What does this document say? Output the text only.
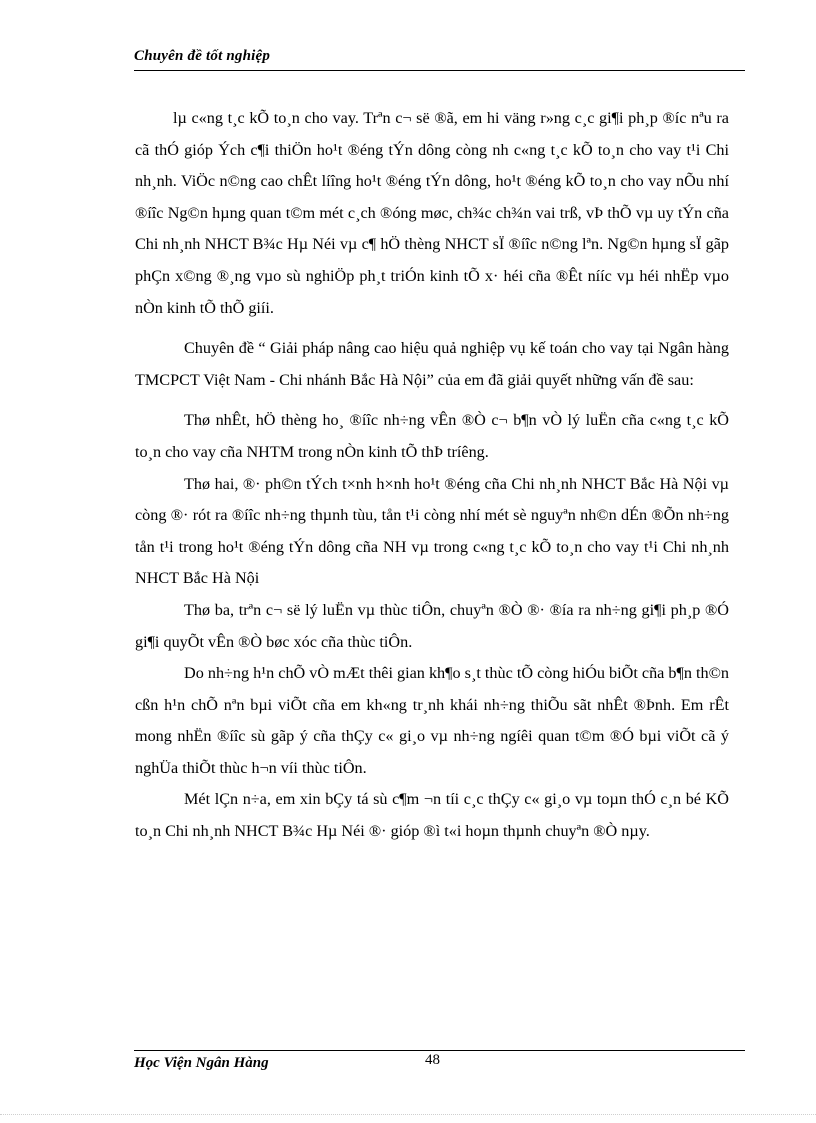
Chuyên đề tốt nghiệp

lµ c«ng t¸c kÕ to¸n cho vay. Trªn c¬ së ®ã, em hi väng r»ng c¸c gi¶i ph¸p ®íc nªu ra cã thÓ gióp Ých c¶i thiÖn ho¹t ®éng tÝn dông còng nh c«ng t¸c kÕ to¸n cho vay t¹i Chi nh¸nh. ViÖc n©ng cao chÊt líîng ho¹t ®éng tÝn dông, ho¹t ®éng kÕ to¸n cho vay nÕu nhí ®íîc Ng©n hµng quan t©m mét c¸ch ®óng møc, ch¾c ch¾n vai trß, vÞ thÕ vµ uy tÝn cña Chi nh¸nh NHCT B¾c Hµ Néi vµ c¶ hÖ thèng NHCT sÏ ®íîc n©ng lªn. Ng©n hµng sÏ gãp phÇn x©ng ®¸ng vµo sù nghiÖp ph¸t triÓn kinh tÕ x· héi cña ®Êt nííc vµ héi nhËp vµo nÒn kinh tÕ thÕ giíi.

Chuyên đề “ Giải pháp nâng cao hiệu quả nghiệp vụ kế toán cho vay tại Ngân hàng TMCPCT Việt Nam - Chi nhánh Bắc Hà Nội” của em đã giải quyết những vấn đề sau:

Thø nhÊt, hÖ thèng ho¸ ®íîc nh÷ng vÊn ®Ò c¬ b¶n vÒ lý luËn cña c«ng t¸c kÕ to¸n cho vay cña NHTM trong nÒn kinh tÕ thÞ tríêng.

Thø hai, ®· ph©n tÝch t×nh h×nh ho¹t ®éng cña Chi nh¸nh NHCT Bắc Hà Nội vµ còng ®· rót ra ®íîc nh÷ng thµnh tùu, tån t¹i còng nhí mét sè nguyªn nh©n dÉn ®Õn nh÷ng tån t¹i trong ho¹t ®éng tÝn dông cña NH vµ trong c«ng t¸c kÕ to¸n cho vay t¹i Chi nh¸nh NHCT Bắc Hà Nội

Thø ba, trªn c¬ së lý luËn vµ thùc tiÔn, chuyªn ®Ò ®· ®ía ra nh÷ng gi¶i ph¸p ®Ó gi¶i quyÕt vÊn ®Ò bøc xóc cña thùc tiÔn.

Do nh÷ng h¹n chÕ vÒ mÆt thêi gian kh¶o s¸t thùc tÕ còng hiÓu biÕt cña b¶n th©n cßn h¹n chÕ nªn bµi viÕt cña em kh«ng tr¸nh khái nh÷ng thiÕu sãt nhÊt ®Þnh. Em rÊt mong nhËn ®íîc sù gãp ý cña thÇy c« gi¸o vµ nh÷ng ngíêi quan t©m ®Ó bµi viÕt cã ý nghÜa thiÕt thùc h¬n víi thùc tiÔn.

Mét lÇn n÷a, em xin bÇy tá sù c¶m ¬n tíi c¸c thÇy c« gi¸o vµ toµn thÓ c¸n bé KÕ to¸n Chi nh¸nh NHCT B¾c Hµ Néi ®· gióp ®ì t«i hoµn thµnh chuyªn ®Ò nµy.

Học Viện Ngân Hàng	48
